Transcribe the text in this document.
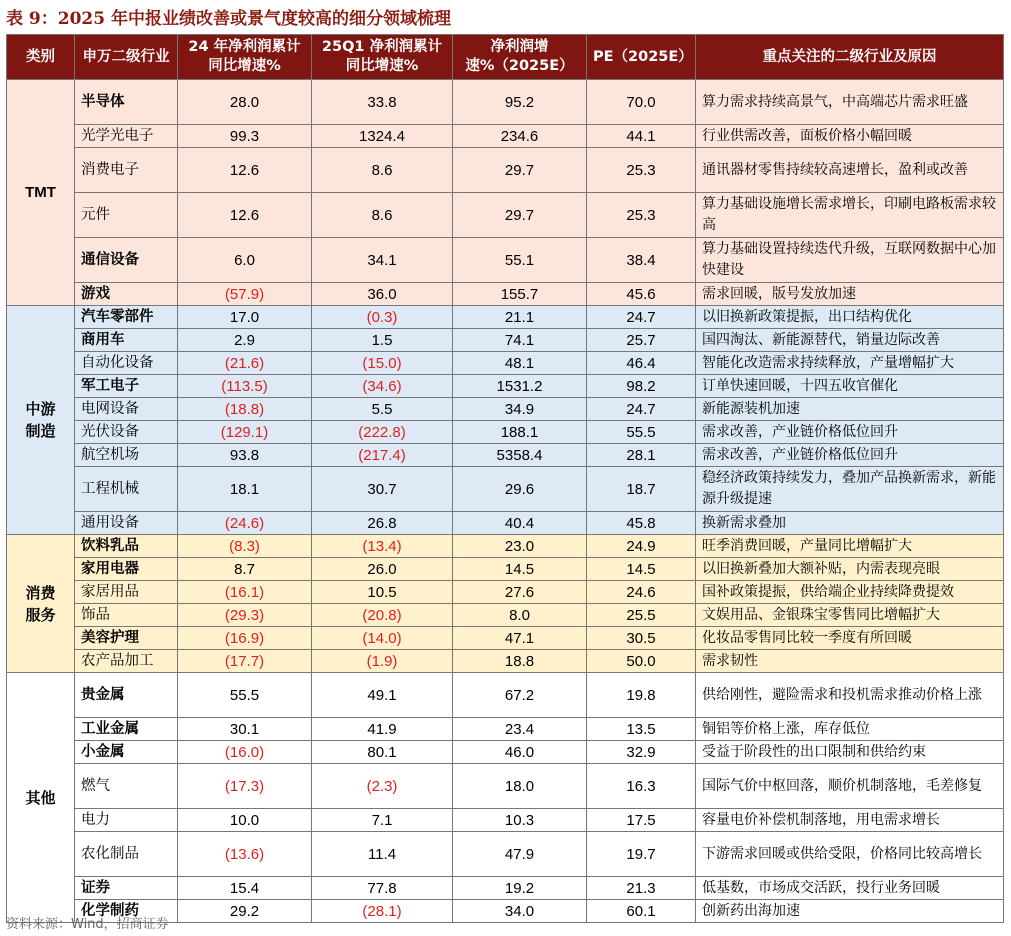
表 9：2025 年中报业绩改善或景气度较高的细分领域梳理
类别	申万二级行业	24 年净利润累计同比增速%	25Q1 净利润累计同比增速%	净利润增速%（2025E）	PE（2025E）	重点关注的二级行业及原因
TMT	半导体	28.0	33.8	95.2	70.0	算力需求持续高景气，中高端芯片需求旺盛
	光学光电子	99.3	1324.4	234.6	44.1	行业供需改善，面板价格小幅回暖
	消费电子	12.6	8.6	29.7	25.3	通讯器材零售持续较高速增长，盈利或改善
	元件	12.6	8.6	29.7	25.3	算力基础设施增长需求增长，印刷电路板需求较高
	通信设备	6.0	34.1	55.1	38.4	算力基础设置持续迭代升级，互联网数据中心加快建设
	游戏	(57.9)	36.0	155.7	45.6	需求回暖，版号发放加速
中游制造	汽车零部件	17.0	(0.3)	21.1	24.7	以旧换新政策提振，出口结构优化
	商用车	2.9	1.5	74.1	25.7	国四淘汰、新能源替代，销量边际改善
	自动化设备	(21.6)	(15.0)	48.1	46.4	智能化改造需求持续释放，产量增幅扩大
	军工电子	(113.5)	(34.6)	1531.2	98.2	订单快速回暖，十四五收官催化
	电网设备	(18.8)	5.5	34.9	24.7	新能源装机加速
	光伏设备	(129.1)	(222.8)	188.1	55.5	需求改善，产业链价格低位回升
	航空机场	93.8	(217.4)	5358.4	28.1	需求改善，产业链价格低位回升
	工程机械	18.1	30.7	29.6	18.7	稳经济政策持续发力，叠加产品换新需求，新能源升级提速
	通用设备	(24.6)	26.8	40.4	45.8	换新需求叠加
消费服务	饮料乳品	(8.3)	(13.4)	23.0	24.9	旺季消费回暖，产量同比增幅扩大
	家用电器	8.7	26.0	14.5	14.5	以旧换新叠加大额补贴，内需表现亮眼
	家居用品	(16.1)	10.5	27.6	24.6	国补政策提振，供给端企业持续降费提效
	饰品	(29.3)	(20.8)	8.0	25.5	文娱用品、金银珠宝零售同比增幅扩大
	美容护理	(16.9)	(14.0)	47.1	30.5	化妆品零售同比较一季度有所回暖
	农产品加工	(17.7)	(1.9)	18.8	50.0	需求韧性
其他	贵金属	55.5	49.1	67.2	19.8	供给刚性，避险需求和投机需求推动价格上涨
	工业金属	30.1	41.9	23.4	13.5	铜铝等价格上涨，库存低位
	小金属	(16.0)	80.1	46.0	32.9	受益于阶段性的出口限制和供给约束
	燃气	(17.3)	(2.3)	18.0	16.3	国际气价中枢回落，顺价机制落地，毛差修复
	电力	10.0	7.1	10.3	17.5	容量电价补偿机制落地，用电需求增长
	农化制品	(13.6)	11.4	47.9	19.7	下游需求回暖或供给受限，价格同比较高增长
	证券	15.4	77.8	19.2	21.3	低基数，市场成交活跃，投行业务回暖
	化学制药	29.2	(28.1)	34.0	60.1	创新药出海加速
资料来源：Wind，招商证券
